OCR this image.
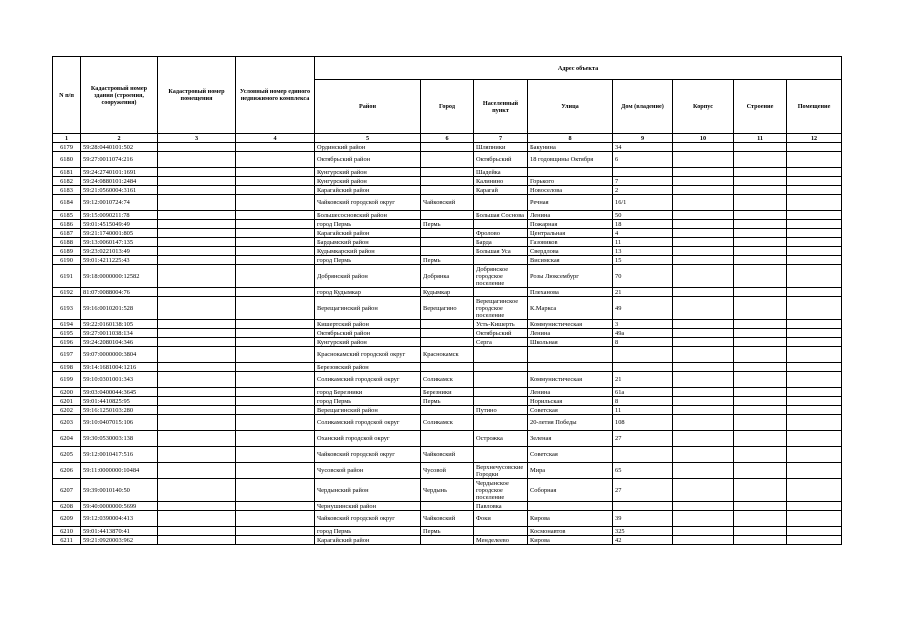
N п/п	Кадастровый номер здания (строения, сооружения)	Кадастровый номер помещения	Условный номер единого недвижимого комплекса	Адрес объекта							
				Район	Город	Населенный пункт	Улица	Дом (владение)	Корпус	Строение	Помещение
1	2	3	4	5	6	7	8	9	10	11	12
6179	59:28:0440101:502			Ординский район		Шляпники	Бакунина	34			
6180	59:27:0011074:216			Октябрьский район		Октябрьский	18 годовщины Октября	6			
6181	59:24:2740101:1691			Кунгурский район		Шадейка					
6182	59:24:0880101:2484			Кунгурский район		Калинино	Горького	7			
6183	59:21:0560004:3161			Карагайский район		Карагай	Новоселова	2			
6184	59:12:0010724:74			Чайковский городской округ	Чайковский		Речная	16/1			
6185	59:15:0090211:78			Большесосновский район		Большая Соснова	Ленина	50			
6186	59:01:4515049:49			город Пермь	Пермь		Пожарная	18			
6187	59:21:1740001:805			Карагайский район		Фролово	Центральная	4			
6188	59:13:0060147:135			Бардымский район		Барда	Газовиков	11			
6189	59:23:0221013:49			Кудымкарский район		Большая Уса	Свердлова	13			
6190	59:01:4211225:43			город Пермь	Пермь		Висимская	15			
6191	59:18:0000000:12582			Добрянский район	Добрянка	Добрянское городское поселение	Розы Люксембург	70			
6192	81:07:0088004:76			город Кудымкар	Кудымкар		Плеханова	21			
6193	59:16:0010201:528			Верещагинский район	Верещагино	Верещагинское городское поселение	К.Маркса	49			
6194	59:22:0160138:105			Кишертский район		Усть-Кишерть	Коммунистическая	3			
6195	59:27:0011038:134			Октябрьский район		Октябрьский	Ленина	49а			
6196	59:24:2080104:346			Кунгурский район		Серга	Школьная	8			
6197	59:07:0000000:3804			Краснокамский городской округ	Краснокамск						
6198	59:14:1681004:1216			Березовский район							
6199	59:10:0301001:343			Соликамский городской округ	Соликамск		Коммунистическая	21			
6200	59:03:0400044:3645			город Березники	Березники		Ленина	61а			
6201	59:01:4410825:95			город Пермь	Пермь		Норильская	8			
6202	59:16:1250103:280			Верещагинский район		Путино	Советская	11			
6203	59:10:0407015:106			Соликамский городской округ	Соликамск		20-летия Победы	108			
6204	59:30:0530003:138			Оханский городской округ		Острожка	Зеленая	27			
6205	59:12:0010417:516			Чайковский городской округ	Чайковский		Советская				
6206	59:11:0000000:10484			Чусовской район	Чусовой	Верхнечусовские Городки	Мира	65			
6207	59:39:0010140:50			Чердынский район	Чердынь	Чердынское городское поселение	Соборная	27			
6208	59:40:0000000:5699			Чернушинский район		Павловка					
6209	59:12:0390004:413			Чайковский городской округ	Чайковский	Фоки	Кирова	39			
6210	59:01:4413870:41			город Пермь	Пермь		Космонавтов	325			
6211	59:21:0920003:962			Карагайский район		Менделеево	Кирова	42			
